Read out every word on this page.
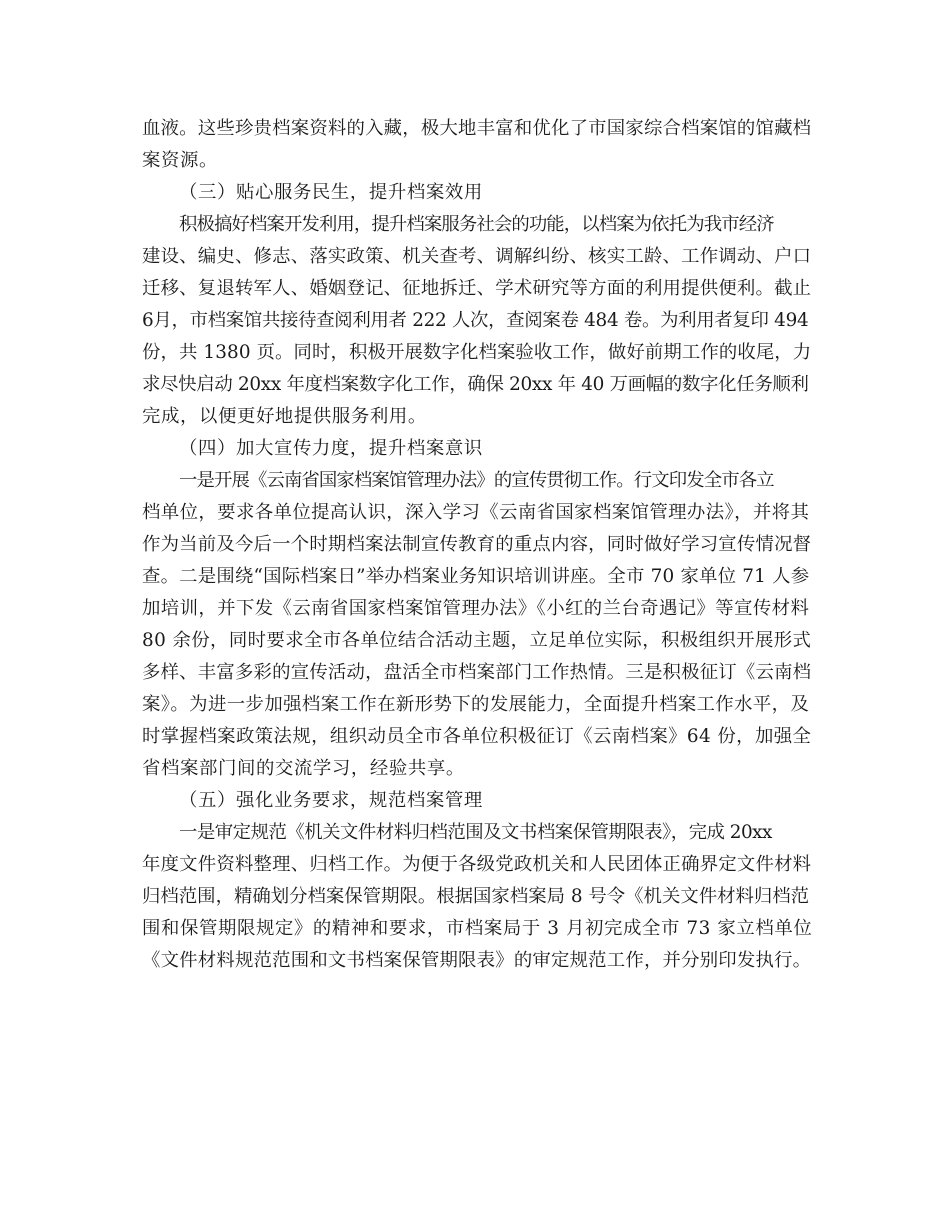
血液。这些珍贵档案资料的入藏，极大地丰富和优化了市国家综合档案馆的馆藏档
案资源。

（三）贴心服务民生，提升档案效用

积极搞好档案开发利用，提升档案服务社会的功能，以档案为依托为我市经济
建设、编史、修志、落实政策、机关查考、调解纠纷、核实工龄、工作调动、户口
迁移、复退转军人、婚姻登记、征地拆迁、学术研究等方面的利用提供便利。截止
6月，市档案馆共接待查阅利用者 222 人次，查阅案卷 484 卷。为利用者复印 494
份，共 1380 页。同时，积极开展数字化档案验收工作，做好前期工作的收尾，力
求尽快启动 20xx 年度档案数字化工作，确保 20xx 年 40 万画幅的数字化任务顺利
完成，以便更好地提供服务利用。

（四）加大宣传力度，提升档案意识

一是开展《云南省国家档案馆管理办法》的宣传贯彻工作。行文印发全市各立
档单位，要求各单位提高认识，深入学习《云南省国家档案馆管理办法》，并将其
作为当前及今后一个时期档案法制宣传教育的重点内容，同时做好学习宣传情况督
查。二是围绕“国际档案日”举办档案业务知识培训讲座。全市 70 家单位 71 人参
加培训，并下发《云南省国家档案馆管理办法》《小红的兰台奇遇记》等宣传材料
80 余份，同时要求全市各单位结合活动主题，立足单位实际，积极组织开展形式
多样、丰富多彩的宣传活动，盘活全市档案部门工作热情。三是积极征订《云南档
案》。为进一步加强档案工作在新形势下的发展能力，全面提升档案工作水平，及
时掌握档案政策法规，组织动员全市各单位积极征订《云南档案》64 份，加强全
省档案部门间的交流学习，经验共享。

（五）强化业务要求，规范档案管理

一是审定规范《机关文件材料归档范围及文书档案保管期限表》，完成 20xx
年度文件资料整理、归档工作。为便于各级党政机关和人民团体正确界定文件材料
归档范围，精确划分档案保管期限。根据国家档案局 8 号令《机关文件材料归档范
围和保管期限规定》的精神和要求，市档案局于 3 月初完成全市 73 家立档单位
《文件材料规范范围和文书档案保管期限表》的审定规范工作，并分别印发执行。
